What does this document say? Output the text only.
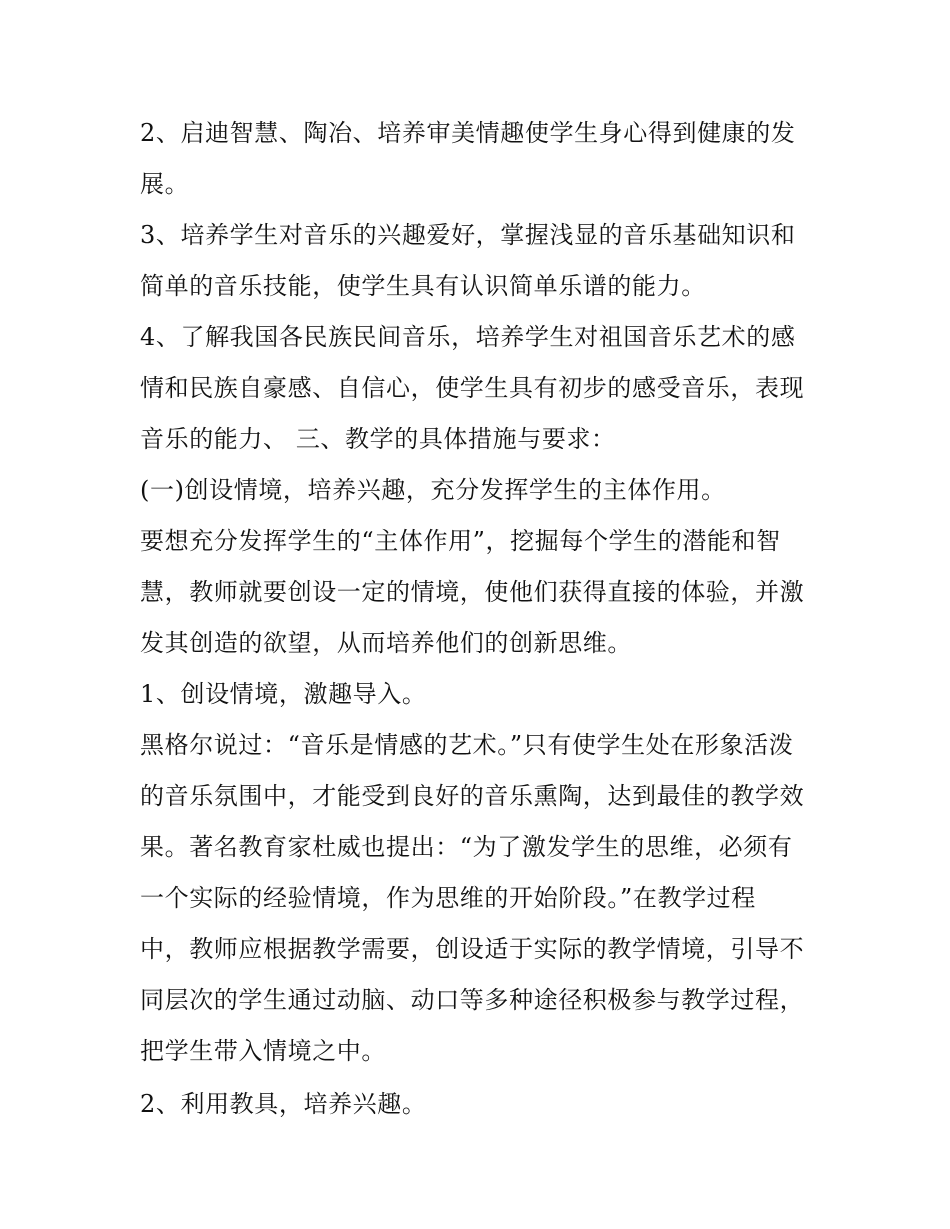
2、启迪智慧、陶冶、培养审美情趣使学生身心得到健康的发
展。
3、培养学生对音乐的兴趣爱好，掌握浅显的音乐基础知识和
简单的音乐技能，使学生具有认识简单乐谱的能力。
4、了解我国各民族民间音乐，培养学生对祖国音乐艺术的感
情和民族自豪感、自信心，使学生具有初步的感受音乐，表现
音乐的能力、 三、教学的具体措施与要求：
(一)创设情境，培养兴趣，充分发挥学生的主体作用。
要想充分发挥学生的“主体作用”，挖掘每个学生的潜能和智
慧，教师就要创设一定的情境，使他们获得直接的体验，并激
发其创造的欲望，从而培养他们的创新思维。
1、创设情境，激趣导入。
黑格尔说过：“音乐是情感的艺术。”只有使学生处在形象活泼
的音乐氛围中，才能受到良好的音乐熏陶，达到最佳的教学效
果。著名教育家杜威也提出：“为了激发学生的思维，必须有
一个实际的经验情境，作为思维的开始阶段。”在教学过程
中，教师应根据教学需要，创设适于实际的教学情境，引导不
同层次的学生通过动脑、动口等多种途径积极参与教学过程，
把学生带入情境之中。
2、利用教具，培养兴趣。
